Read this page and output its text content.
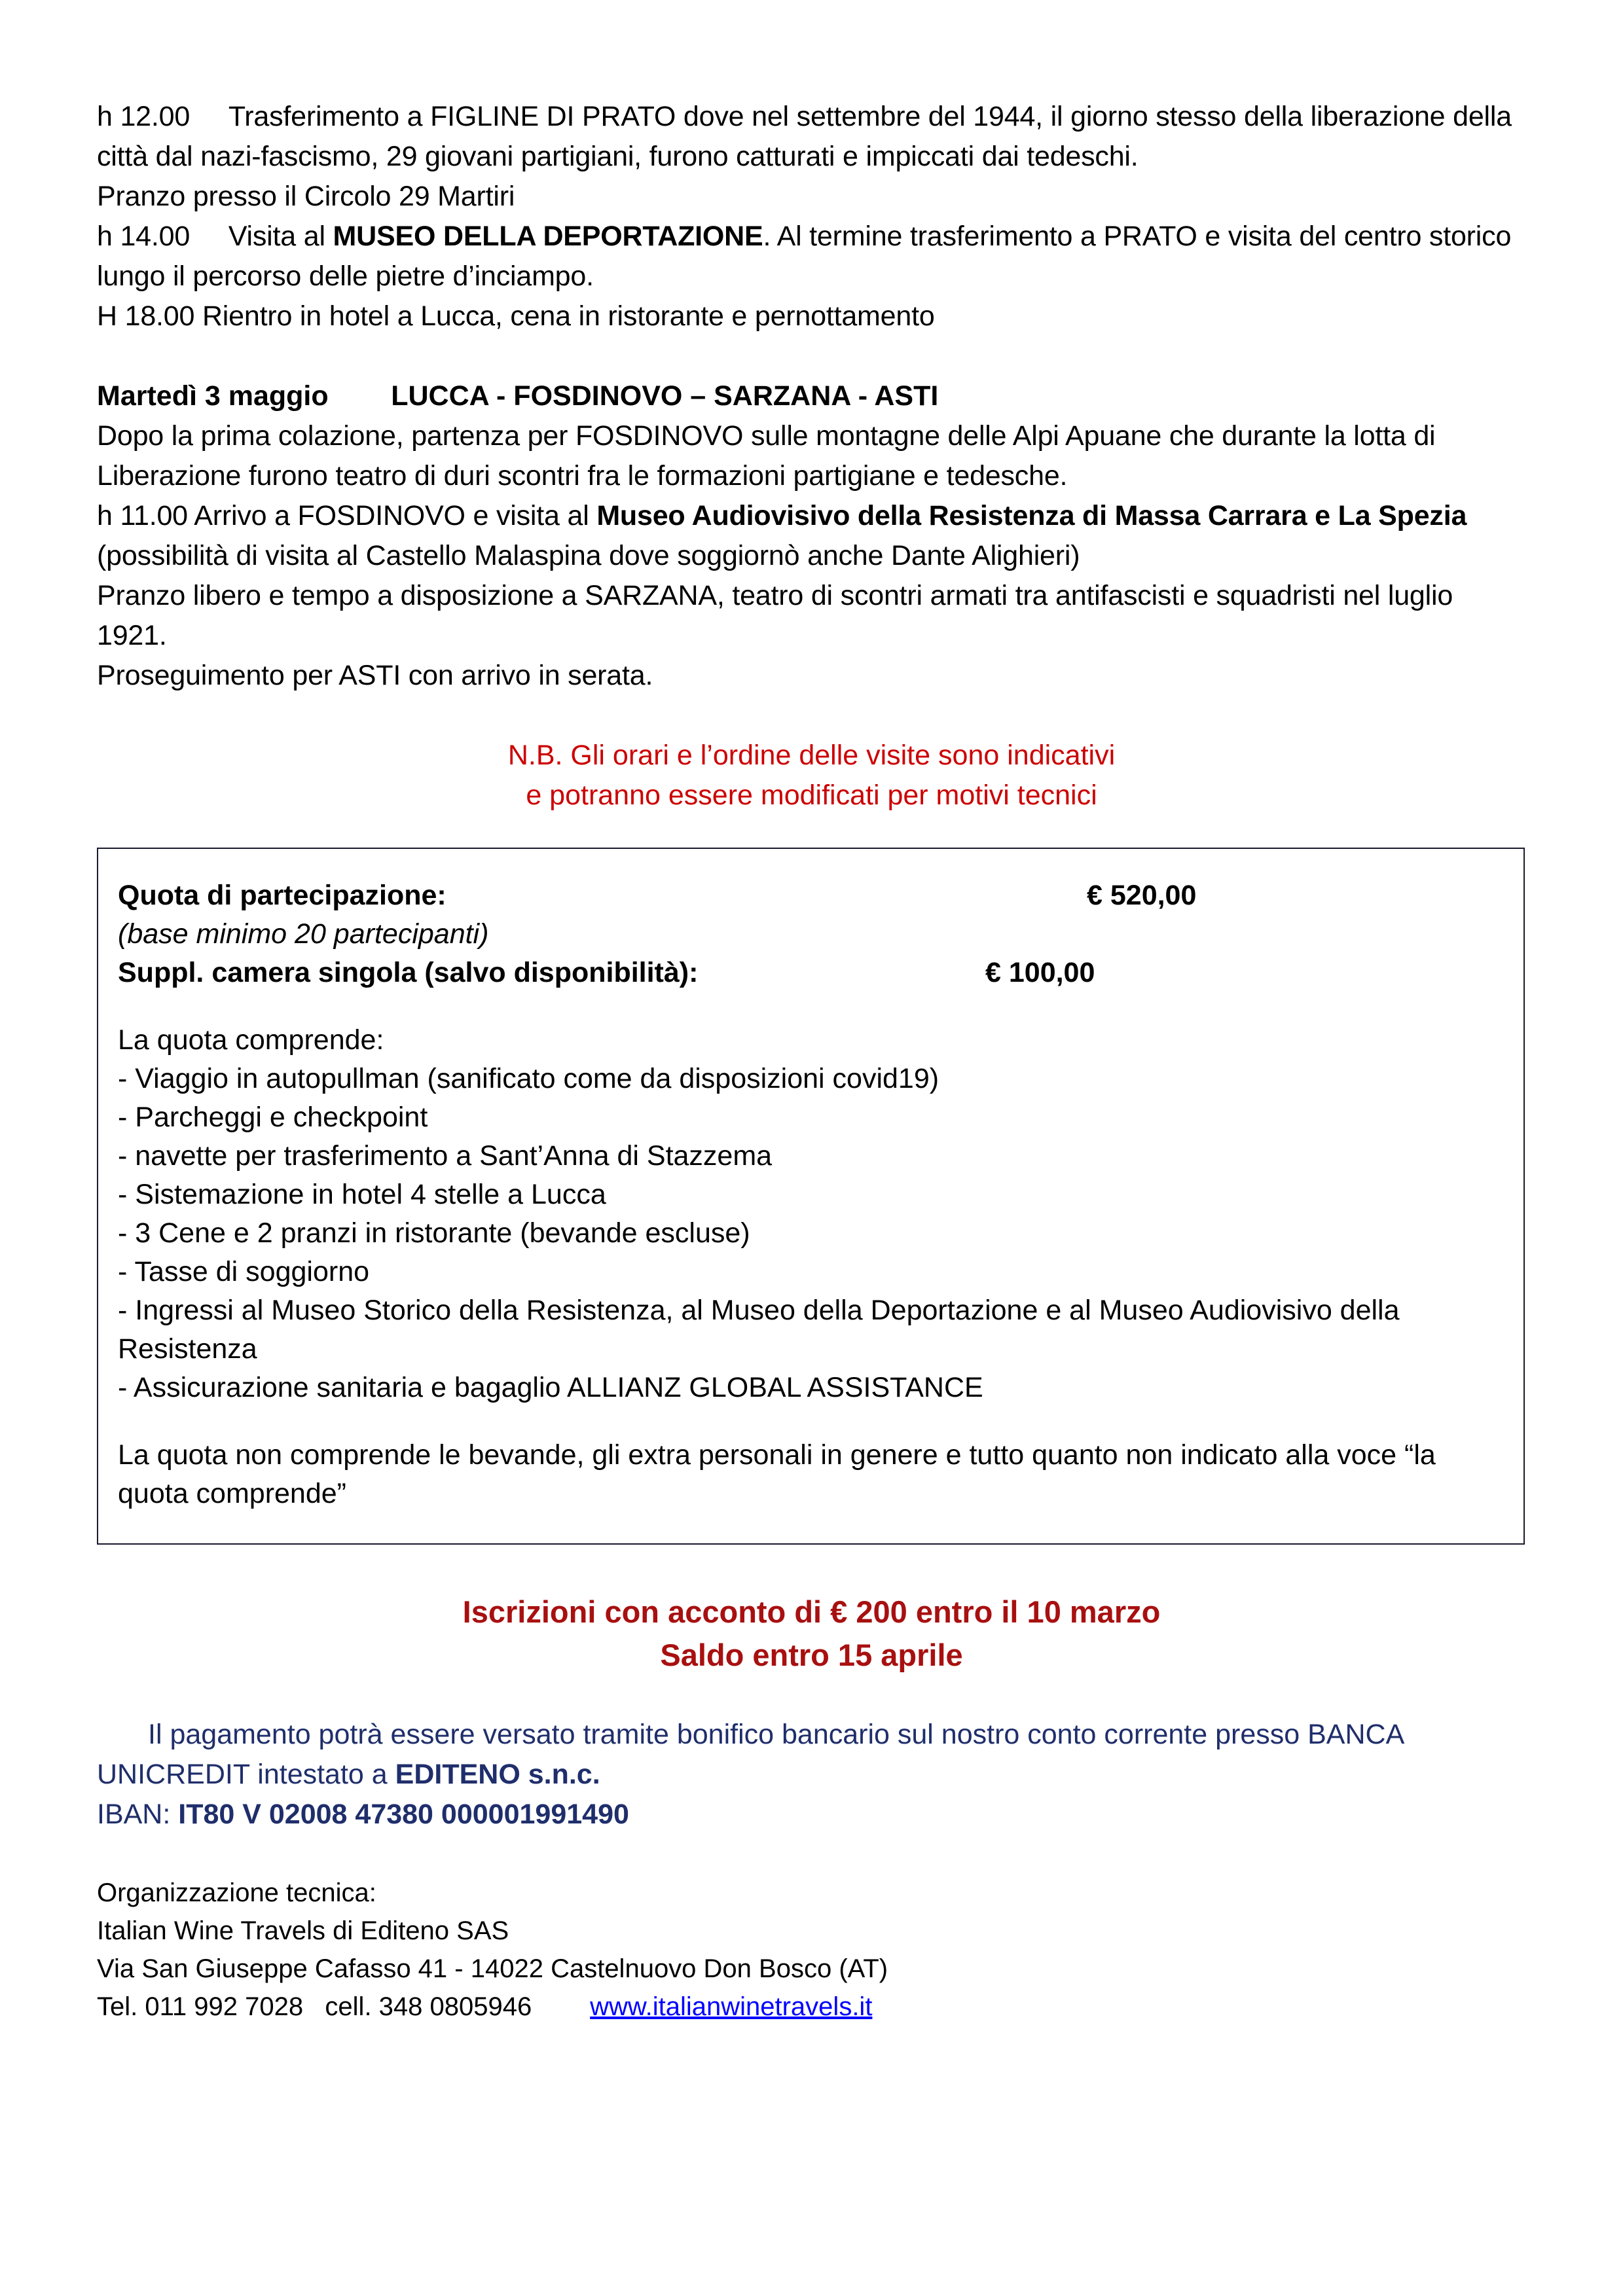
h 12.00 Trasferimento a FIGLINE DI PRATO dove nel settembre del 1944, il giorno stesso della liberazione della città dal nazi-fascismo, 29 giovani partigiani, furono catturati e impiccati dai tedeschi.

Pranzo presso il Circolo 29 Martiri

h 14.00 Visita al MUSEO DELLA DEPORTAZIONE. Al termine trasferimento a PRATO e visita del centro storico lungo il percorso delle pietre d’inciampo.

H 18.00 Rientro in hotel a Lucca, cena in ristorante e pernottamento

Martedì 3 maggio LUCCA - FOSDINOVO – SARZANA - ASTI

Dopo la prima colazione, partenza per FOSDINOVO sulle montagne delle Alpi Apuane che durante la lotta di Liberazione furono teatro di duri scontri fra le formazioni partigiane e tedesche.

h 11.00 Arrivo a FOSDINOVO e visita al Museo Audiovisivo della Resistenza di Massa Carrara e La Spezia (possibilità di visita al Castello Malaspina dove soggiornò anche Dante Alighieri)

Pranzo libero e tempo a disposizione a SARZANA, teatro di scontri armati tra antifascisti e squadristi nel luglio 1921.

Proseguimento per ASTI con arrivo in serata.

N.B. Gli orari e l’ordine delle visite sono indicativi

e potranno essere modificati per motivi tecnici

Quota di partecipazione:	€ 520,00
(base minimo 20 partecipanti)
Suppl. camera singola (salvo disponibilità):	€ 100,00
La quota comprende:
- Viaggio in autopullman (sanificato come da disposizioni covid19)
- Parcheggi e checkpoint
- navette per trasferimento a Sant’Anna di Stazzema
- Sistemazione in hotel 4 stelle a Lucca
- 3 Cene e 2 pranzi in ristorante (bevande escluse)
- Tasse di soggiorno
- Ingressi al Museo Storico della Resistenza, al Museo della Deportazione e al Museo Audiovisivo della Resistenza
- Assicurazione sanitaria e bagaglio ALLIANZ GLOBAL ASSISTANCE
La quota non comprende le bevande, gli extra personali in genere e tutto quanto non indicato alla voce “la quota comprende”

Iscrizioni con acconto di € 200 entro il 10 marzo

Saldo entro 15 aprile

Il pagamento potrà essere versato tramite bonifico bancario sul nostro conto corrente presso BANCA UNICREDIT intestato a EDITENO s.n.c.

IBAN: IT80 V 02008 47380 000001991490

Organizzazione tecnica:

Italian Wine Travels di Editeno SAS

Via San Giuseppe Cafasso 41 - 14022 Castelnuovo Don Bosco (AT)

Tel. 011 992 7028   cell. 348 0805946        www.italianwinetravels.it
